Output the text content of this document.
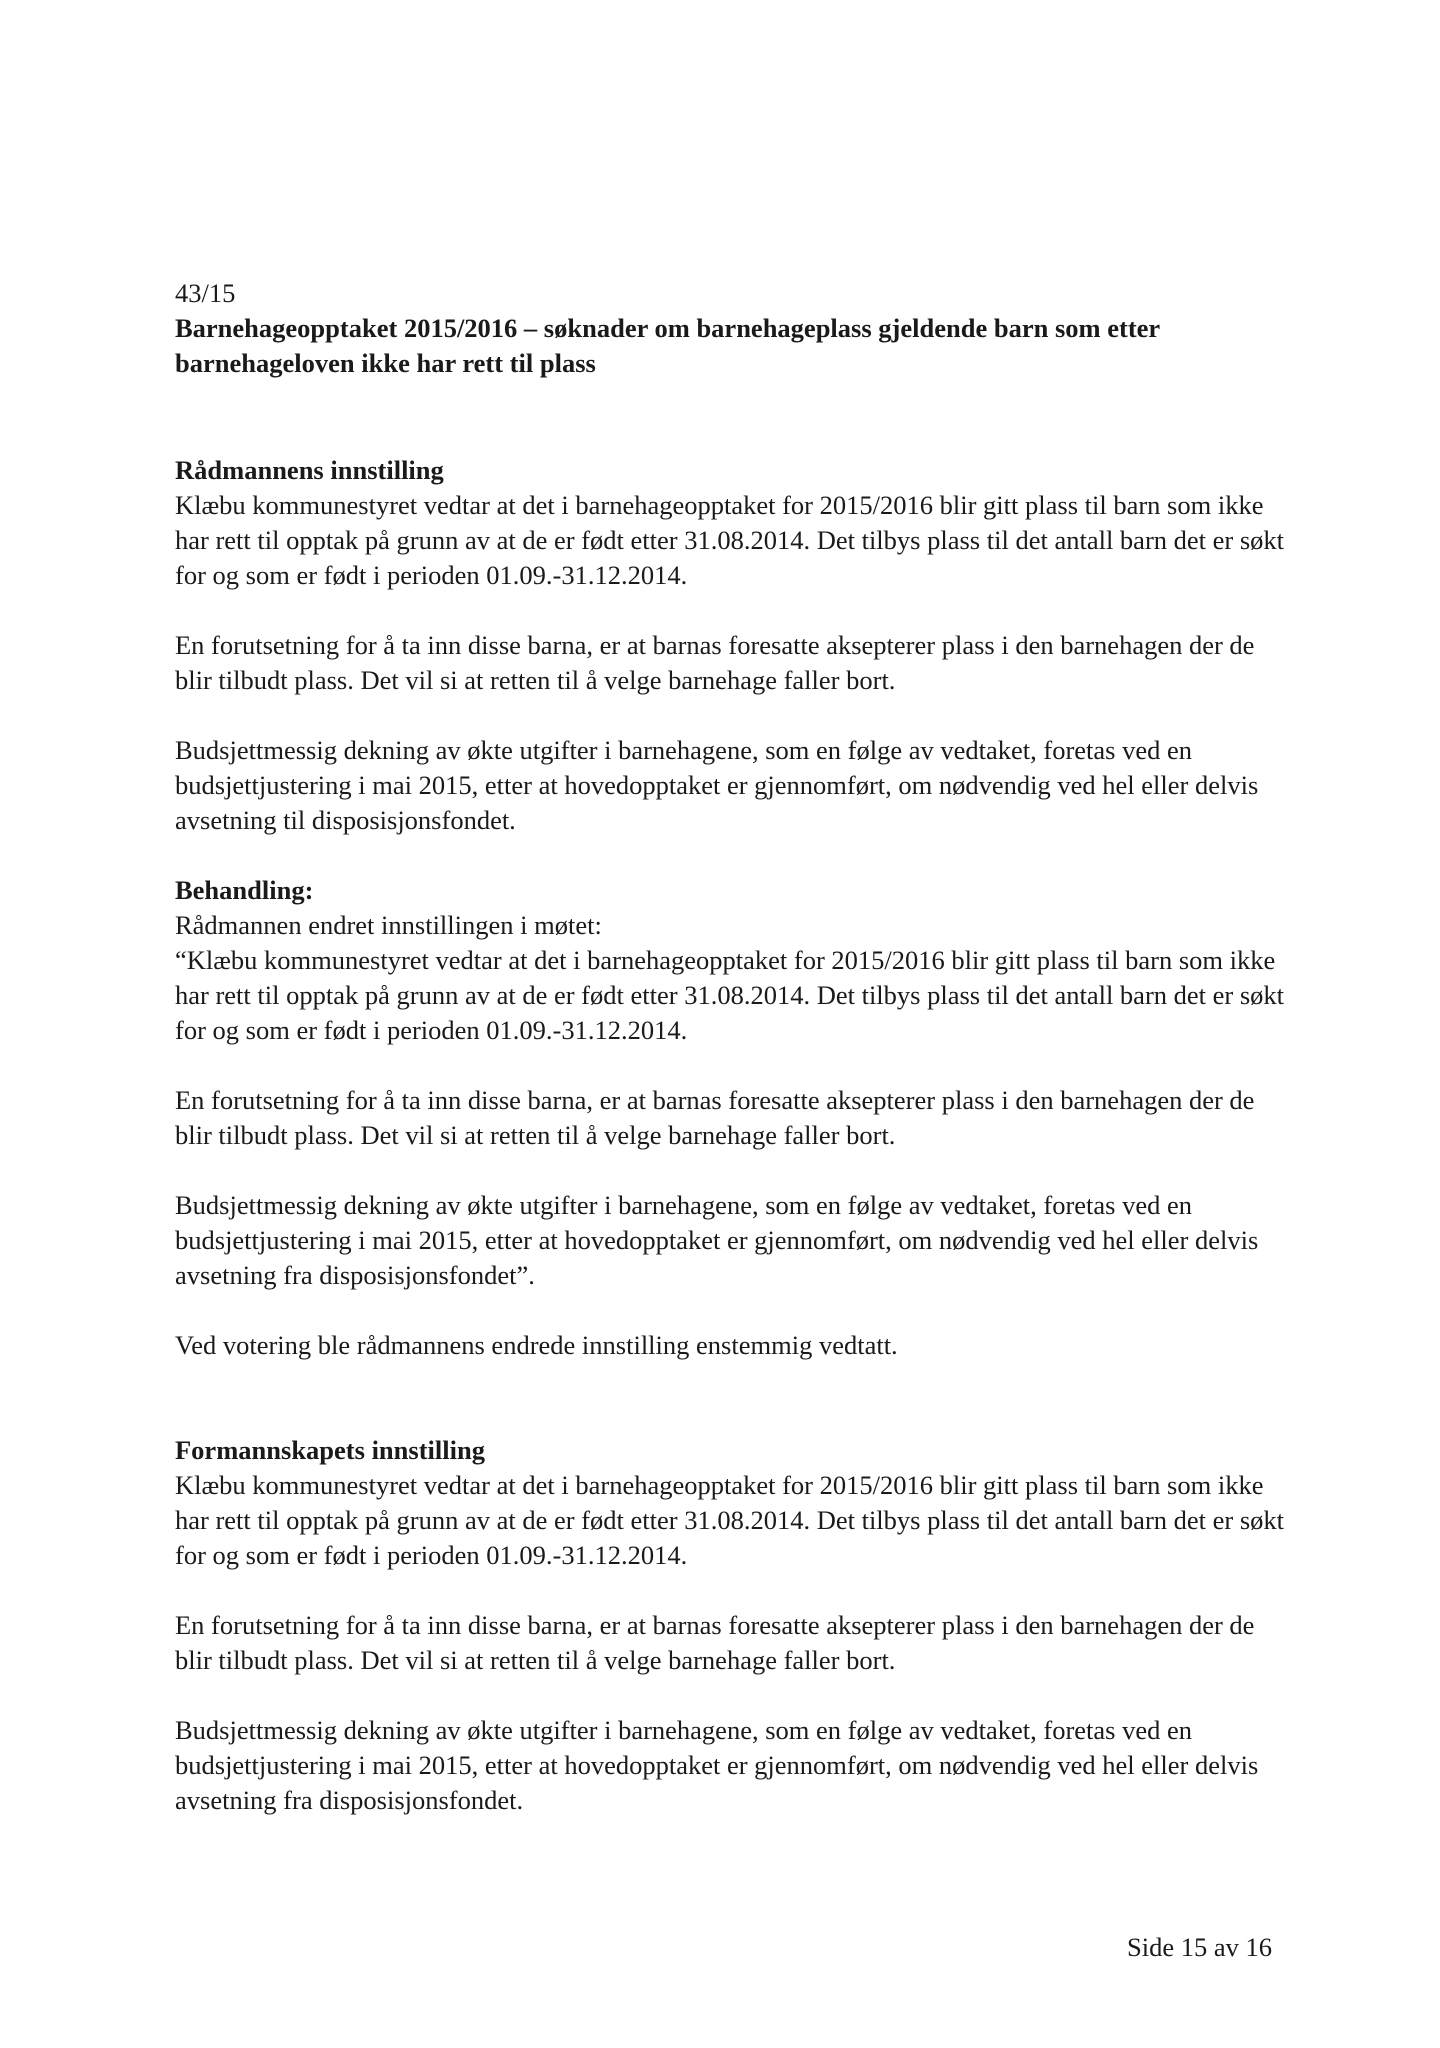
43/15

Barnehageopptaket 2015/2016 – søknader om barnehageplass gjeldende barn som etter barnehageloven ikke har rett til plass

Rådmannens innstilling

Klæbu kommunestyret vedtar at det i barnehageopptaket for 2015/2016 blir gitt plass til barn som ikke har rett til opptak på grunn av at de er født etter 31.08.2014. Det tilbys plass til det antall barn det er søkt for og som er født i perioden 01.09.-31.12.2014.

En forutsetning for å ta inn disse barna, er at barnas foresatte aksepterer plass i den barnehagen der de blir tilbudt plass. Det vil si at retten til å velge barnehage faller bort.

Budsjettmessig dekning av økte utgifter i barnehagene, som en følge av vedtaket, foretas ved en budsjettjustering i mai 2015, etter at hovedopptaket er gjennomført, om nødvendig ved hel eller delvis avsetning til disposisjonsfondet.

Behandling:

Rådmannen endret innstillingen i møtet:

“Klæbu kommunestyret vedtar at det i barnehageopptaket for 2015/2016 blir gitt plass til barn som ikke har rett til opptak på grunn av at de er født etter 31.08.2014. Det tilbys plass til det antall barn det er søkt for og som er født i perioden 01.09.-31.12.2014.

En forutsetning for å ta inn disse barna, er at barnas foresatte aksepterer plass i den barnehagen der de blir tilbudt plass. Det vil si at retten til å velge barnehage faller bort.

Budsjettmessig dekning av økte utgifter i barnehagene, som en følge av vedtaket, foretas ved en budsjettjustering i mai 2015, etter at hovedopptaket er gjennomført, om nødvendig ved hel eller delvis avsetning fra disposisjonsfondet”.

Ved votering ble rådmannens endrede innstilling enstemmig vedtatt.

Formannskapets innstilling

Klæbu kommunestyret vedtar at det i barnehageopptaket for 2015/2016 blir gitt plass til barn som ikke har rett til opptak på grunn av at de er født etter 31.08.2014. Det tilbys plass til det antall barn det er søkt for og som er født i perioden 01.09.-31.12.2014.

En forutsetning for å ta inn disse barna, er at barnas foresatte aksepterer plass i den barnehagen der de blir tilbudt plass. Det vil si at retten til å velge barnehage faller bort.

Budsjettmessig dekning av økte utgifter i barnehagene, som en følge av vedtaket, foretas ved en budsjettjustering i mai 2015, etter at hovedopptaket er gjennomført, om nødvendig ved hel eller delvis avsetning fra disposisjonsfondet.

Side 15 av 16
